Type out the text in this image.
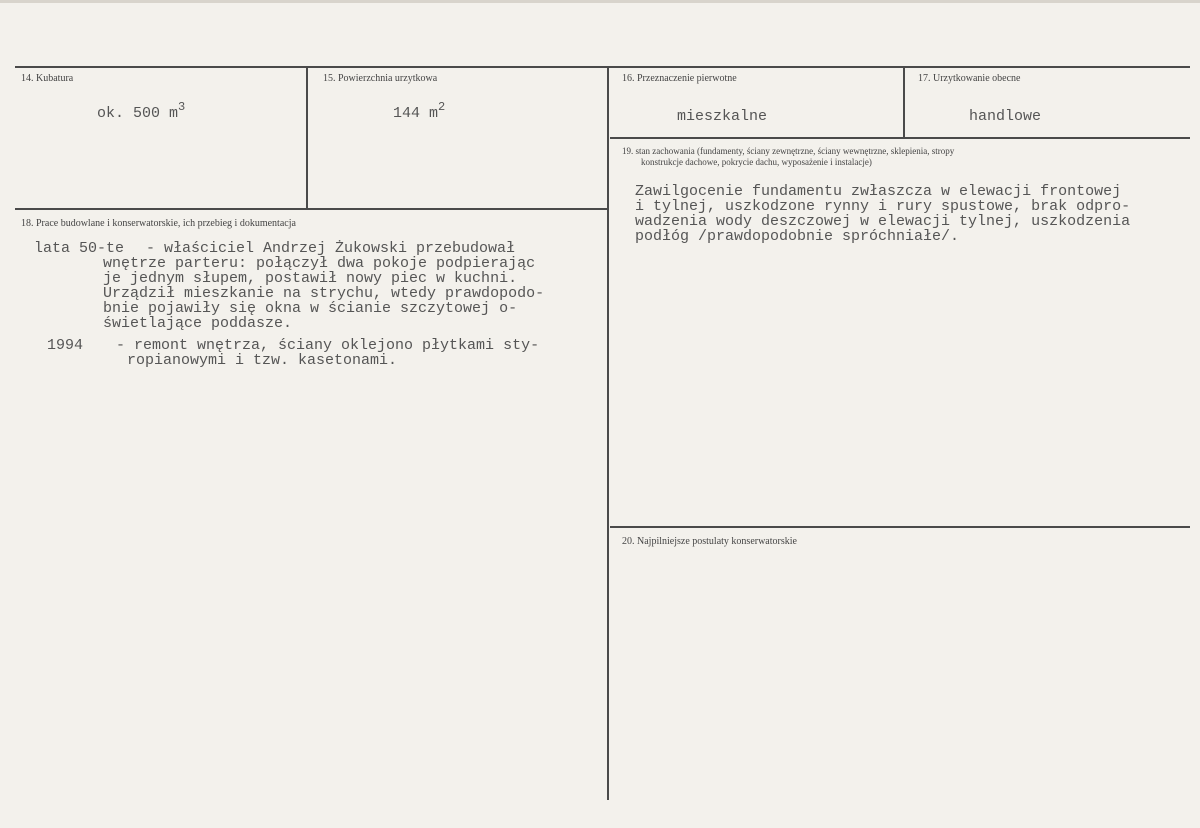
14. Kubatura
ok. 500 $m^3$
15. Powierzchnia urzytkowa
144 $m^2$
16. Przeznaczenie pierwotne
mieszkalne
17. Urzytkowanie obecne
handlowe
19. stan zachowania (fundamenty, ściany zewnętrzne, ściany wewnętrzne, sklepienia, stropy
konstrukcje dachowe, pokrycie dachu, wyposażenie i instalacje)
Zawilgocenie fundamentu zwłaszcza w elewacji frontowej
i tylnej, uszkodzone rynny i rury spustowe, brak odpro-
wadzenia wody deszczowej w elewacji tylnej, uszkodzenia
podłóg /prawdopodobnie spróchniałe/.
18. Prace budowlane i konserwatorskie, ich przebieg i dokumentacja
lata 50-te - właściciel Andrzej Żukowski przebudował
wnętrze parteru: połączył dwa pokoje podpierając
je jednym słupem, postawił nowy piec w kuchni.
Urządził mieszkanie na strychu, wtedy prawdopodo-
bnie pojawiły się okna w ścianie szczytowej o-
świetlające poddasze.
1994 - remont wnętrza, ściany oklejono płytkami sty-
ropianowymi i tzw. kasetonami.
20. Najpilniejsze postulaty konserwatorskie
